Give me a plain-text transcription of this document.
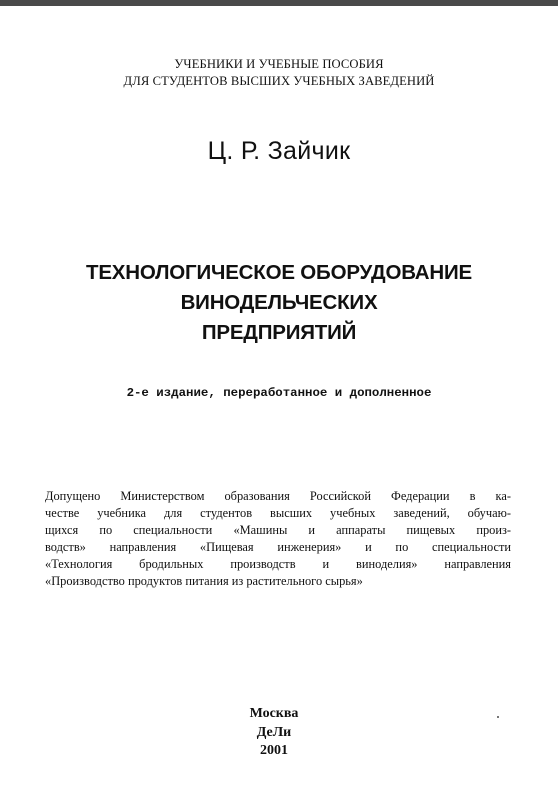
УЧЕБНИКИ И УЧЕБНЫЕ ПОСОБИЯ
ДЛЯ СТУДЕНТОВ ВЫСШИХ УЧЕБНЫХ ЗАВЕДЕНИЙ
Ц. Р. Зайчик
ТЕХНОЛОГИЧЕСКОЕ ОБОРУДОВАНИЕ
ВИНОДЕЛЬЧЕСКИХ
ПРЕДПРИЯТИЙ
2-е издание, переработанное и дополненное
Допущено Министерством образования Российской Федерации в ка-
честве учебника для студентов высших учебных заведений, обучаю-
щихся по специальности «Машины и аппараты пищевых произ-
водств» направления «Пищевая инженерия» и по специальности
«Технология бродильных производств и виноделия» направления
«Производство продуктов питания из растительного сырья»
Москва
ДеЛи
2001
